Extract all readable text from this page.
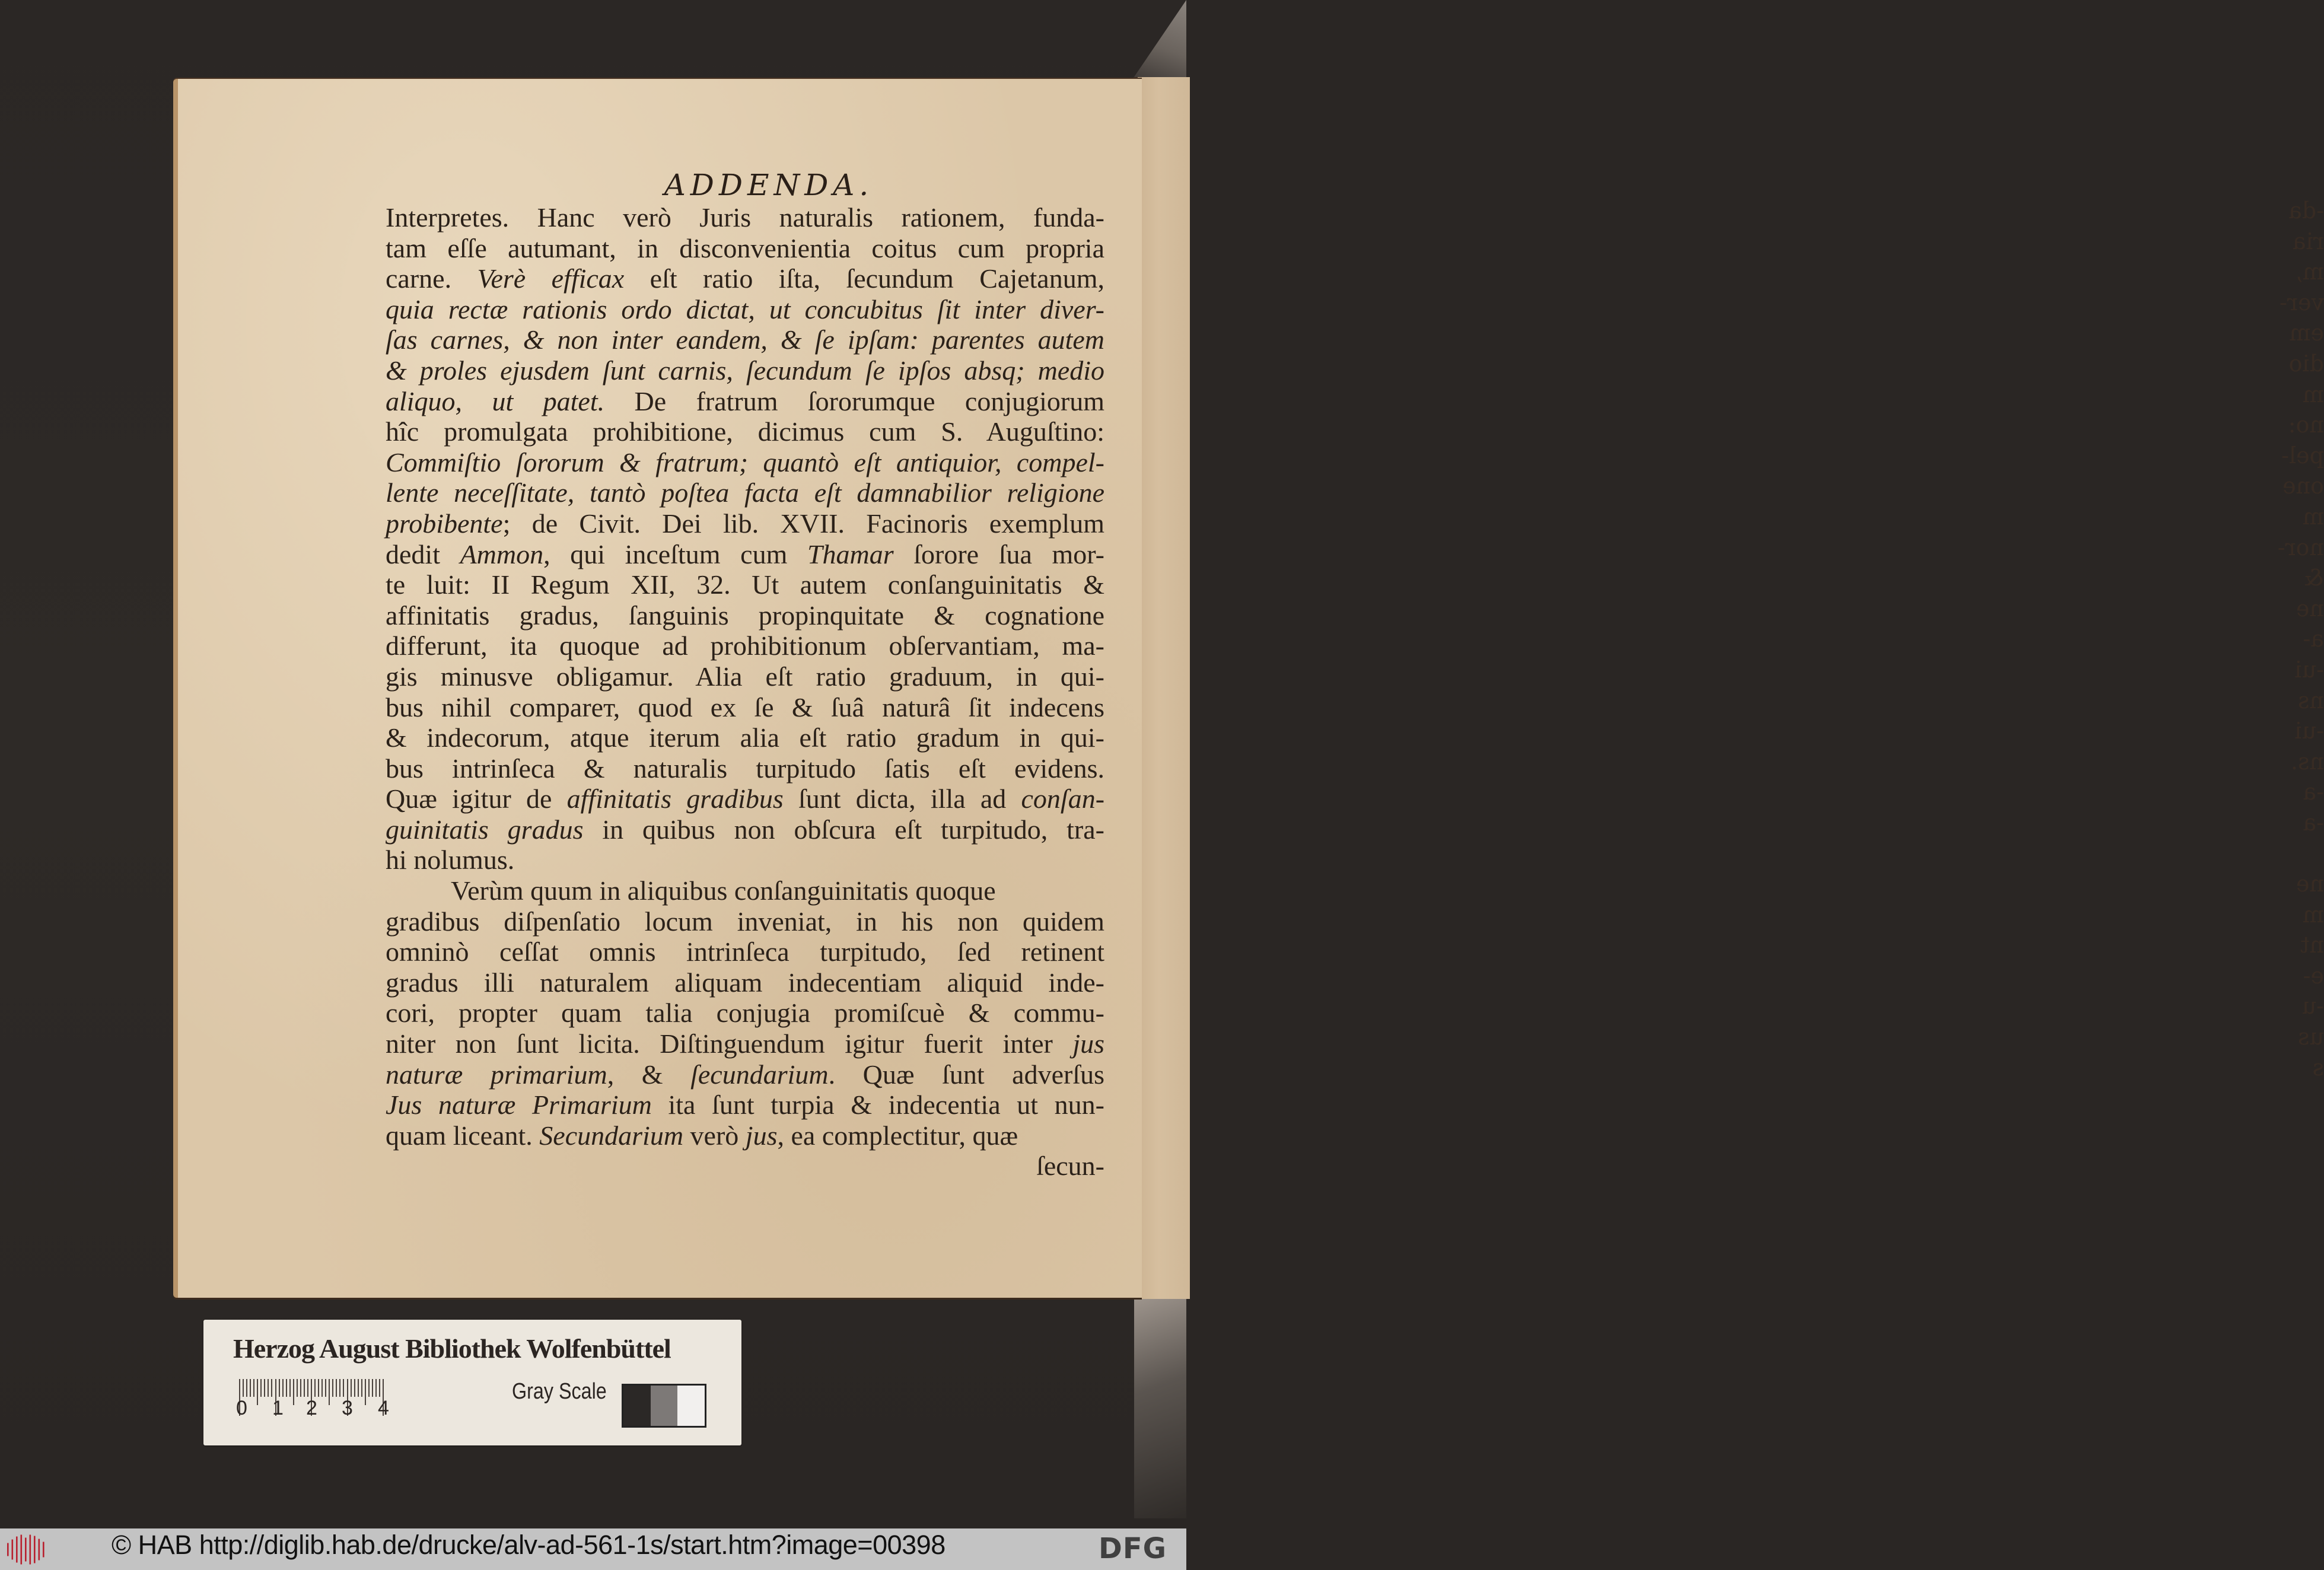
-da
ria
m,
ver-
em
dio
m
no:
pel-
one
m
nor-
&
ne
a-
-ui
ns
-ui
ns.
-a
-a

ne
m
nt
e-
-u
us
s
ADDENDA.
Interpretes. Hanc verò Juris naturalis rationem, funda-
tam eſſe autumant, in disconvenientia coitus cum propria
carne. Verè efficax eſt ratio iſta, ſecundum Cajetanum,
quia rectæ rationis ordo dictat, ut concubitus ſit inter diver-
ſas carnes, & non inter eandem, & ſe ipſam: parentes autem
& proles ejusdem ſunt carnis, ſecundum ſe ipſos absq; medio
aliquo, ut patet. De fratrum ſororumque conjugiorum
hîc promulgata prohibitione, dicimus cum S. Auguſtino:
Commiſtio ſororum & fratrum; quantò eſt antiquior, compel-
lente neceſſitate, tantò poſtea facta eſt damnabilior religione
probibente; de Civit. Dei lib. XVII. Facinoris exemplum
dedit Ammon, qui inceſtum cum Thamar ſorore ſua mor-
te luit: II Regum XII, 32. Ut autem conſanguinitatis &
affinitatis gradus, ſanguinis propinquitate & cognatione
differunt, ita quoque ad prohibitionum obſervantiam, ma-
gis minusve obligamur. Alia eſt ratio graduum, in qui-
bus nihil compareт, quod ex ſe & ſuâ naturâ ſit indecens
& indecorum, atque iterum alia eſt ratio gradum in qui-
bus intrinſeca & naturalis turpitudo ſatis eſt evidens.
Quæ igitur de affinitatis gradibus ſunt dicta, illa ad conſan-
guinitatis gradus in quibus non obſcura eſt turpitudo, tra-
hi nolumus.
Verùm quum in aliquibus conſanguinitatis quoque
gradibus diſpenſatio locum inveniat, in his non quidem
omninò ceſſat omnis intrinſeca turpitudo, ſed retinent
gradus illi naturalem aliquam indecentiam aliquid inde-
cori, propter quam talia conjugia promiſcuè & commu-
niter non ſunt licita. Diſtinguendum igitur fuerit inter jus
naturæ primarium, & ſecundarium. Quæ ſunt adverſus
Jus naturæ Primarium ita ſunt turpia & indecentia ut nun-
quam liceant. Secundarium verò jus, ea complectitur, quæ
ſecun-
Herzog August Bibliothek Wolfenbüttel
0 1 2 3 4
Gray Scale
© HAB http://diglib.hab.de/drucke/alv-ad-561-1s/start.htm?image=00398	DFG
